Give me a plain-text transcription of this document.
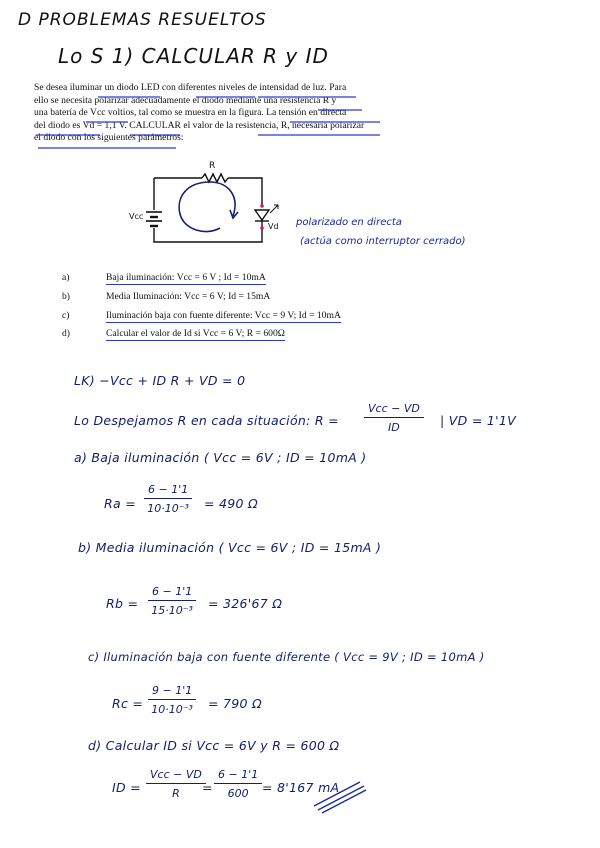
D PROBLEMAS RESUELTOS
Lo S 1) CALCULAR R y ID
Se desea iluminar un diodo LED con diferentes niveles de intensidad de luz. Para
ello se necesita polarizar adecuadamente el diodo mediante una resistencia R y
una batería de Vcc voltios, tal como se muestra en la figura. La tensión en directa
del diodo es Vd = 1,1 V. CALCULAR el valor de la resistencia, R, necesaria polarizar
el diodo con los siguientes parámetros:
R
Vcc
Vd polarizado en directa
(actúa como interruptor cerrado)
a)	Baja iluminación: Vcc = 6 V ; Id = 10mA
b)	Media Iluminación: Vcc = 6 V; Id = 15mA
c)	Iluminación baja con fuente diferente: Vcc = 9 V; Id = 10mA
d)	Calcular el valor de Id si Vcc = 6 V; R = 600Ω
LK) −Vcc + ID R + VD = 0
Lo Despejamos R en cada situación: R =
Vcc − VD
ID	| VD = 1'1V
a) Baja iluminación ( Vcc = 6V ; ID = 10mA )
$Ra = \frac{6 - 1'1}{\text{10·10⁻³}} = 490$ Ω
b) Media iluminación ( Vcc = 6V ; ID = 15mA )
$Rb = \frac{6 - 1'1}{\text{15·10⁻³}} = 326'67$ Ω
c) Iluminación baja con fuente diferente ( Vcc = 9V ; ID = 10mA )
$Rc = \frac{9 - 1'1}{\text{10·10⁻³}} = 790$ Ω
d) Calcular ID si Vcc = 6V y R = 600 Ω
ID =
Vcc − VD
R	= $\frac{6 - 1'1}{600} = 8'167$ mA
